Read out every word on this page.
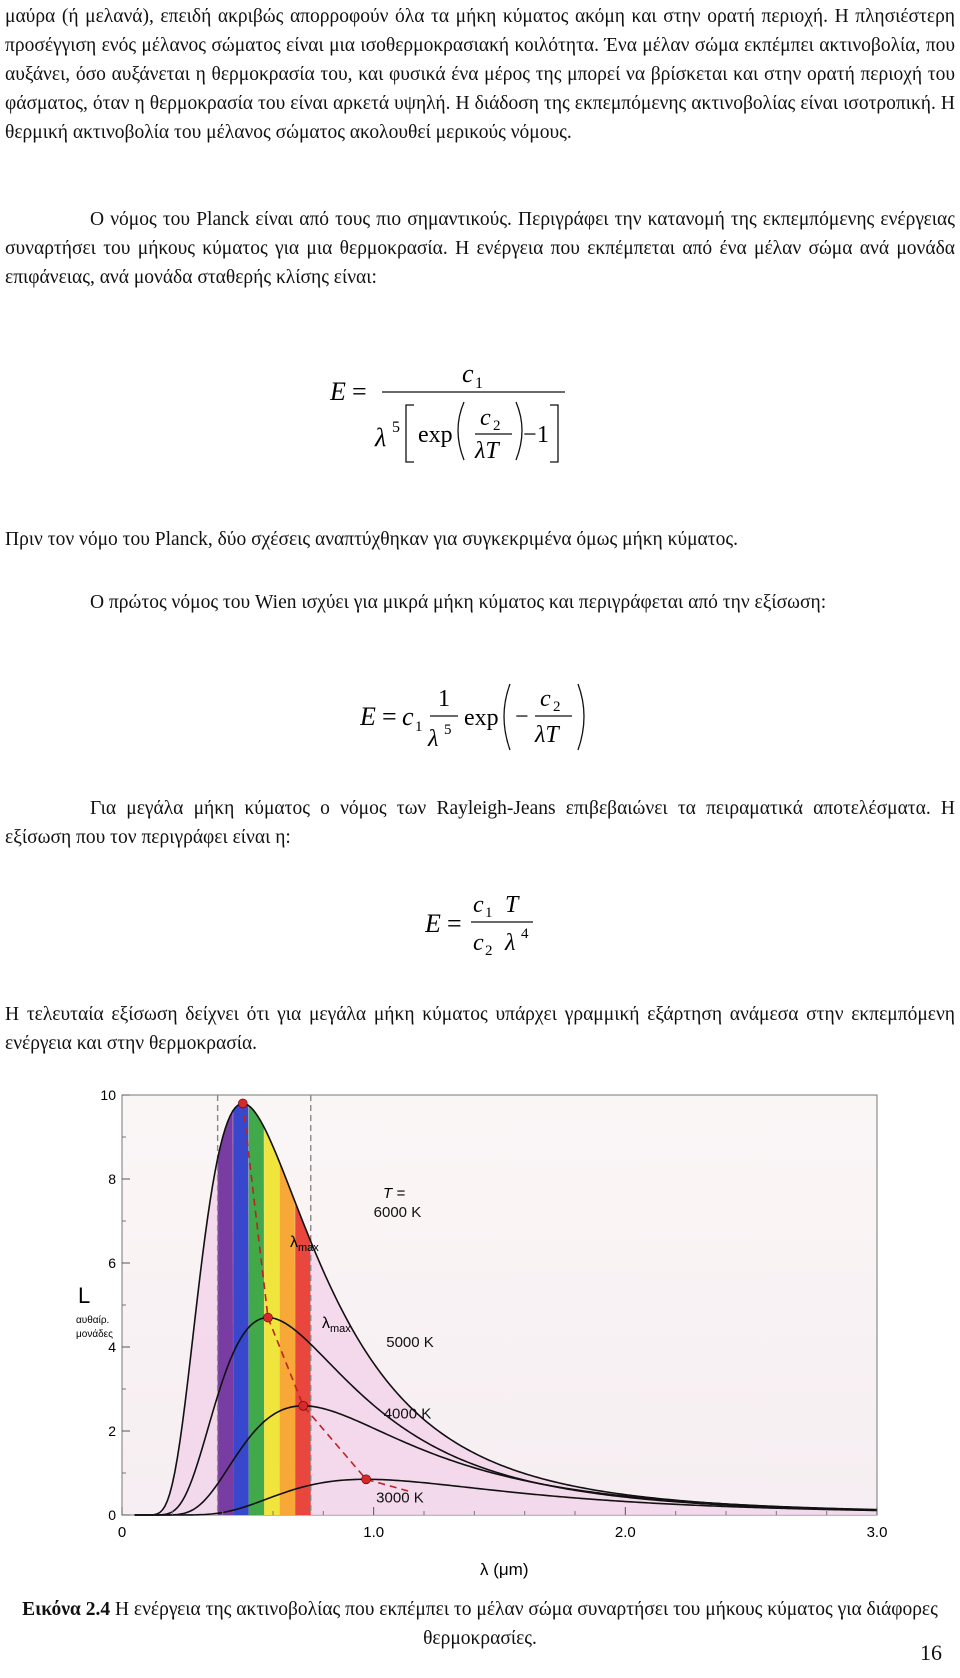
μαύρα (ή μελανά), επειδή ακριβώς απορροφούν όλα τα μήκη κύματος ακόμη και στην ορατή περιοχή. Η πλησιέστερη προσέγγιση ενός μέλανος σώματος είναι μια ισοθερμοκρασιακή κοιλότητα. Ένα μέλαν σώμα εκπέμπει ακτινοβολία, που αυξάνει, όσο αυξάνεται η θερμοκρασία του, και φυσικά ένα μέρος της μπορεί να βρίσκεται και στην ορατή περιοχή του φάσματος, όταν η θερμοκρασία του είναι αρκετά υψηλή. Η διάδοση της εκπεμπόμενης ακτινοβολίας είναι ισοτροπική. Η θερμική ακτινοβολία του μέλανος σώματος ακολουθεί μερικούς νόμους.

Ο νόμος του Planck είναι από τους πιο σημαντικούς. Περιγράφει την κατανομή της εκπεμπόμενης ενέργειας συναρτήσει του μήκους κύματος για μια θερμοκρασία. Η ενέργεια που εκπέμπεται από ένα μέλαν σώμα ανά μονάδα επιφάνειας, ανά μονάδα σταθερής κλίσης είναι:

E =
c 1
λ 5 exp
c 2
λT
− 1

Πριν τον νόμο του Planck, δύο σχέσεις αναπτύχθηκαν για συγκεκριμένα όμως μήκη κύματος.

Ο πρώτος νόμος του Wien ισχύει για μικρά μήκη κύματος και περιγράφεται από την εξίσωση:

E = c 1
1
λ 5 exp −
c 2
λT

Για μεγάλα μήκη κύματος ο νόμος των Rayleigh-Jeans επιβεβαιώνει τα πειραματικά αποτελέσματα. Η εξίσωση που τον περιγράφει είναι η:

E =
c 1 T
c 2 λ 4

Η τελευταία εξίσωση δείχνει ότι για μεγάλα μήκη κύματος υπάρχει γραμμική εξάρτηση ανάμεσα στην εκπεμπόμενη ενέργεια και στην θερμοκρασία.

0	1.0	2.0	3.0
0
2
4
6
8
10
L
αυθαίρ.
μονάδες
λ (μm)
T =
$\lambda_{max}$
$\lambda_{max}$
6000 K
5000 K
4000 K
3000 K
Εικόνα 2.4 Η ενέργεια της ακτινοβολίας που εκπέμπει το μέλαν σώμα συναρτήσει του μήκους κύματος για διάφορες θερμοκρασίες.
16
